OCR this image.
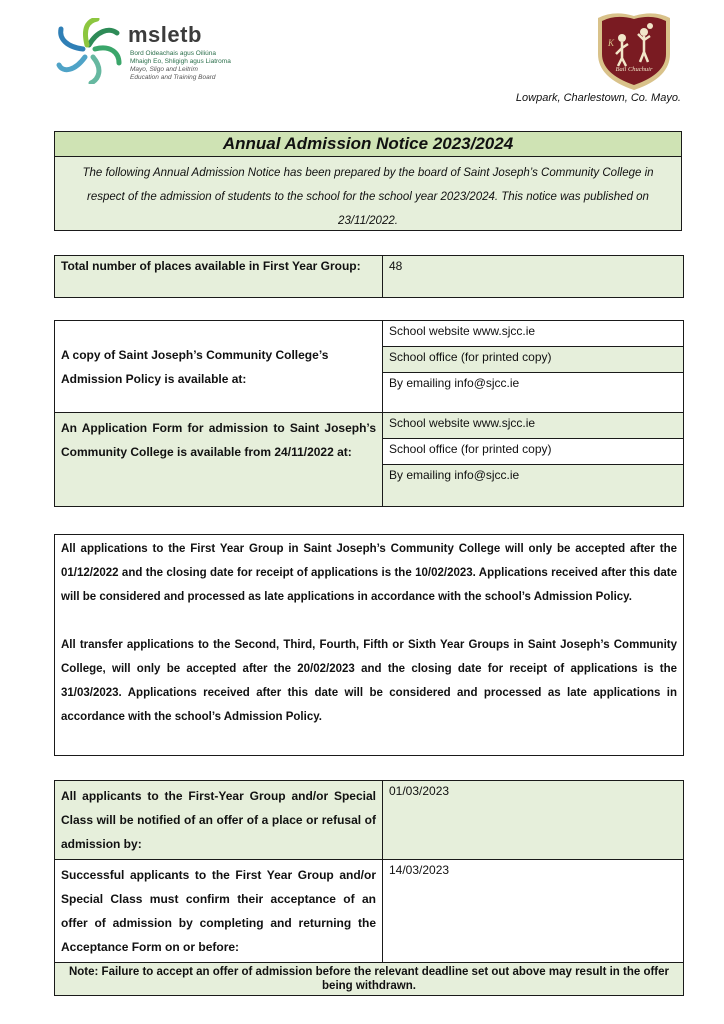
msletb
Bord Oideachais agus Oiliúna
Mhaigh Eo, Shligigh agus Liatroma
Mayo, Sligo and Leitrim
Education and Training Board
K
Bail Chuchuir
Lowpark, Charlestown, Co. Mayo.
Annual Admission Notice 2023/2024
The following Annual Admission Notice has been prepared by the board of Saint Joseph’s Community College in respect of the admission of students to the school for the school year 2023/2024. This notice was published on 23/11/2022.
Total number of places available in First Year Group:	48
A copy of Saint Joseph’s Community College’s Admission Policy is available at:	School website www.sjcc.ie
	School office (for printed copy)
	By emailing info@sjcc.ie
An Application Form for admission to Saint Joseph’s Community College is available from 24/11/2022 at:	School website www.sjcc.ie
	School office (for printed copy)
	By emailing info@sjcc.ie

All applications to the First Year Group in Saint Joseph’s Community College will only be accepted after the 01/12/2022 and the closing date for receipt of applications is the 10/02/2023. Applications received after this date will be considered and processed as late applications in accordance with the school’s Admission Policy.

All transfer applications to the Second, Third, Fourth, Fifth or Sixth Year Groups in Saint Joseph’s Community College, will only be accepted after the 20/02/2023 and the closing date for receipt of applications is the 31/03/2023. Applications received after this date will be considered and processed as late applications in accordance with the school’s Admission Policy.

All applicants to the First-Year Group and/or Special Class will be notified of an offer of a place or refusal of admission by:	01/03/2023
Successful applicants to the First Year Group and/or Special Class must confirm their acceptance of an offer of admission by completing and returning the Acceptance Form on or before:	14/03/2023
Note: Failure to accept an offer of admission before the relevant deadline set out above may result in the offer being withdrawn.	
